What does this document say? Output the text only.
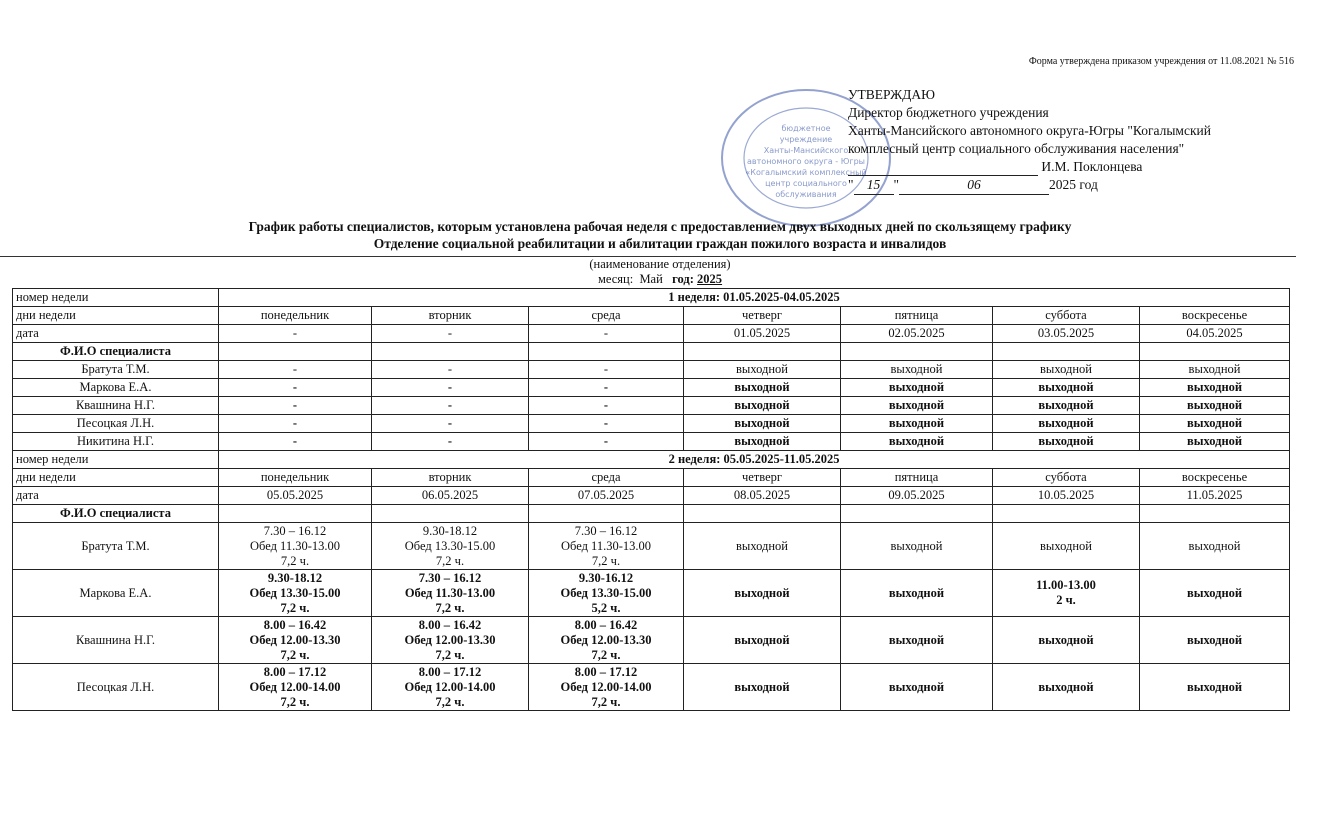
Форма утверждена приказом учреждения от 11.08.2021 № 516
бюджетное
учреждение
Ханты-Мансийского
автономного округа - Югры
«Когалымский комплексный
центр социального
обслуживания
УТВЕРЖДАЮ
Директор бюджетного учреждения
Ханты-Мансийского автономного округа-Югры "Когалымский
комплесный центр социального обслуживания населения"
И.М. Поклонцева
" 15 "	06	2025 год
График работы специалистов, которым установлена рабочая неделя с предоставлением двух выходных дней по скользящему графику
Отделение социальной реабилитации и абилитации граждан пожилого возраста и инвалидов
(наименование отделения)
месяц: Май год: 2025
номер недели	1 неделя: 01.05.2025-04.05.2025						
дни недели	понедельник	вторник	среда	четверг	пятница	суббота	воскресенье
дата	-	-	-	01.05.2025	02.05.2025	03.05.2025	04.05.2025
Ф.И.О специалиста							
Братута Т.М.	-	-	-	выходной	выходной	выходной	выходной
Маркова Е.А.	-	-	-	выходной	выходной	выходной	выходной
Квашнина Н.Г.	-	-	-	выходной	выходной	выходной	выходной
Песоцкая Л.Н.	-	-	-	выходной	выходной	выходной	выходной
Никитина Н.Г.	-	-	-	выходной	выходной	выходной	выходной
номер недели	2 неделя: 05.05.2025-11.05.2025						
дни недели	понедельник	вторник	среда	четверг	пятница	суббота	воскресенье
дата	05.05.2025	06.05.2025	07.05.2025	08.05.2025	09.05.2025	10.05.2025	11.05.2025
Ф.И.О специалиста							
Братута Т.М.	7.30 – 16.12
Обед 11.30-13.00
7,2 ч.	9.30-18.12
Обед 13.30-15.00
7,2 ч.	7.30 – 16.12
Обед 11.30-13.00
7,2 ч.	выходной	выходной	выходной	выходной

Маркова Е.А.	9.30-18.12
Обед 13.30-15.00
7,2 ч.	7.30 – 16.12
Обед 11.30-13.00
7,2 ч.	9.30-16.12
Обед 13.30-15.00
5,2 ч.	выходной	выходной	11.00-13.00
2 ч.	выходной

Квашнина Н.Г.	8.00 – 16.42
Обед 12.00-13.30
7,2 ч.	8.00 – 16.42
Обед 12.00-13.30
7,2 ч.	8.00 – 16.42
Обед 12.00-13.30
7,2 ч.	выходной	выходной	выходной	выходной

Песоцкая Л.Н.	8.00 – 17.12
Обед 12.00-14.00
7,2 ч.	8.00 – 17.12
Обед 12.00-14.00
7,2 ч.	8.00 – 17.12
Обед 12.00-14.00
7,2 ч.	выходной	выходной	выходной	выходной
